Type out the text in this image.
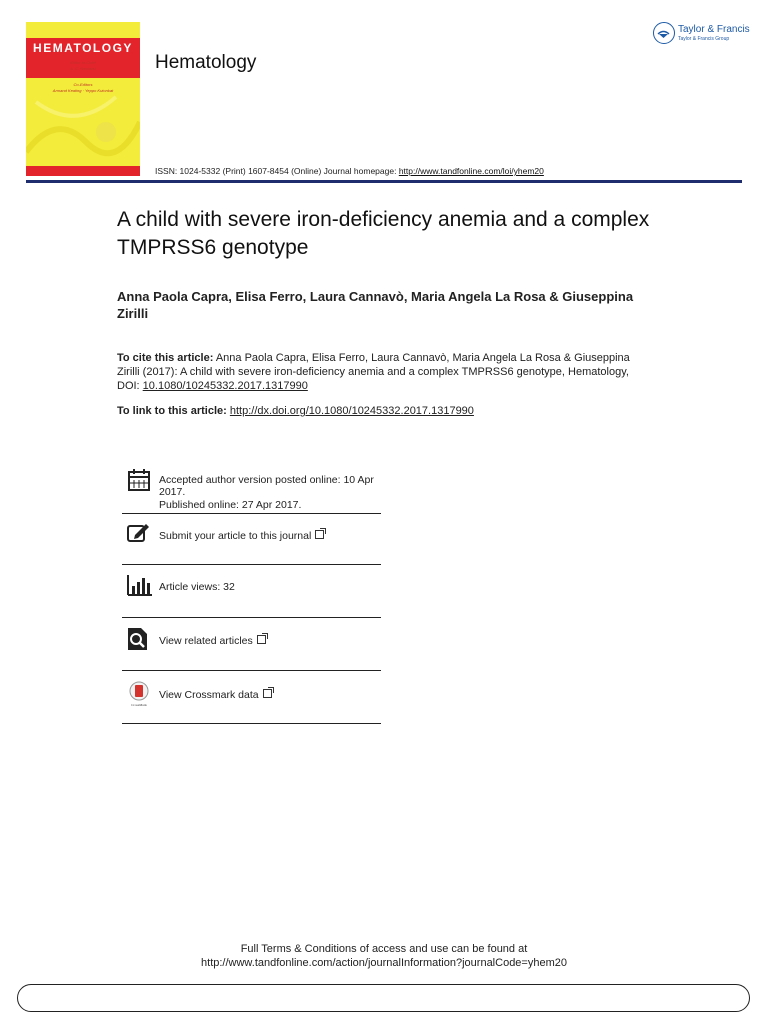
HEMATOLOGY
Editor-in-Chief
A. C. Newland
Co-Editors
Armand Keating · Yeppo Kutonkat
Hematology
Taylor & Francis
Taylor & Francis Group
ISSN: 1024-5332 (Print) 1607-8454 (Online) Journal homepage: http://www.tandfonline.com/loi/yhem20
A child with severe iron-deficiency anemia and a complex TMPRSS6 genotype
Anna Paola Capra, Elisa Ferro, Laura Cannavò, Maria Angela La Rosa & Giuseppina Zirilli
To cite this article: Anna Paola Capra, Elisa Ferro, Laura Cannavò, Maria Angela La Rosa & Giuseppina Zirilli (2017): A child with severe iron-deficiency anemia and a complex TMPRSS6 genotype, Hematology, DOI: 10.1080/10245332.2017.1317990
To link to this article: http://dx.doi.org/10.1080/10245332.2017.1317990
Accepted author version posted online: 10 Apr 2017.
Published online: 27 Apr 2017.
Submit your article to this journal
Article views: 32
View related articles
CrossMark
View Crossmark data
Full Terms & Conditions of access and use can be found at
http://www.tandfonline.com/action/journalInformation?journalCode=yhem20
